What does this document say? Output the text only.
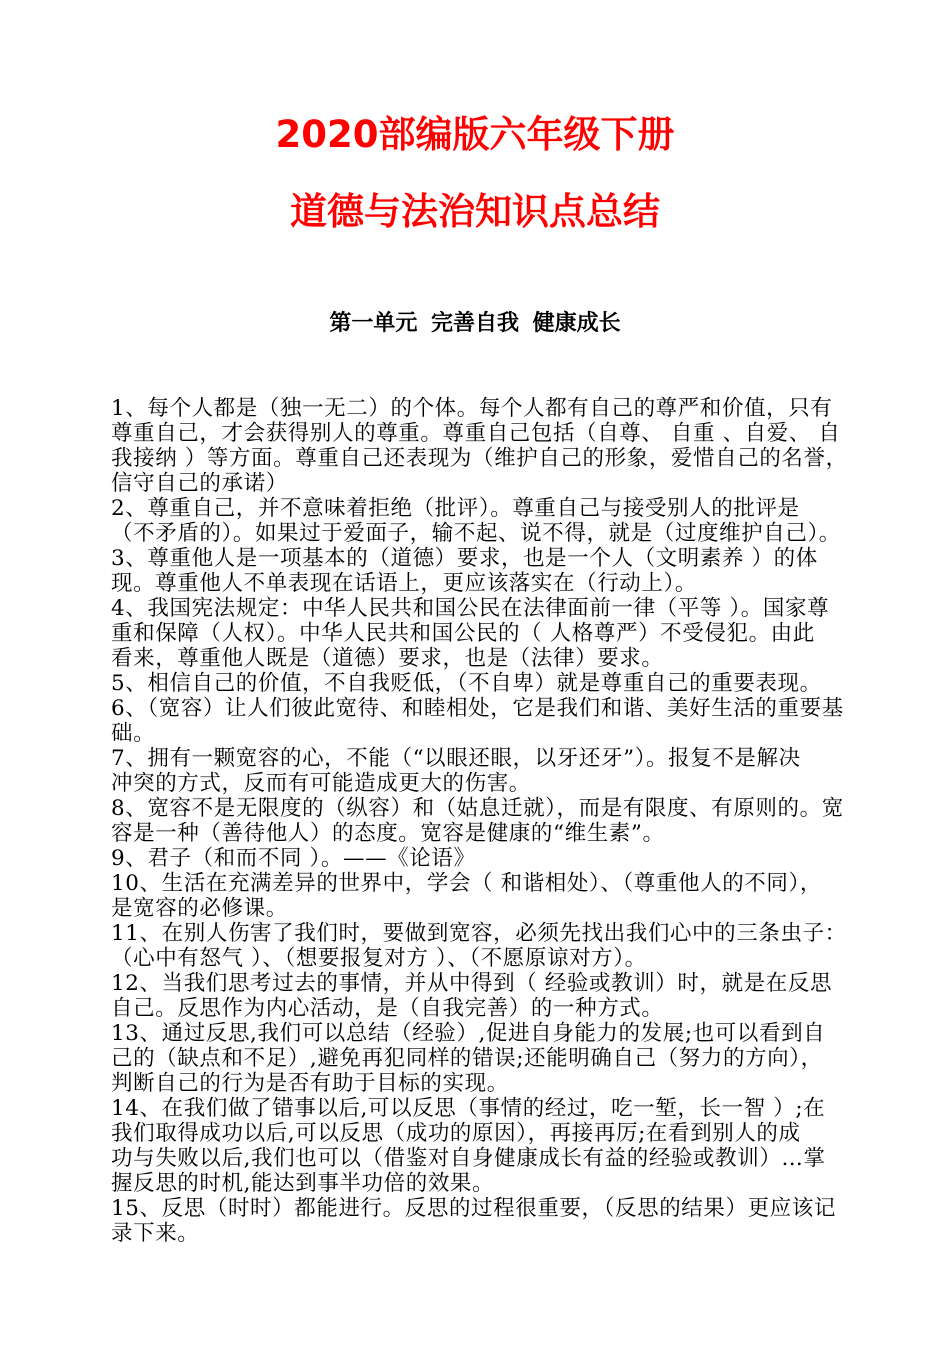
2020部编版六年级下册
道德与法治知识点总结
第一单元 完善自我 健康成长
1、每个人都是（独一无二）的个体。每个人都有自己的尊严和价值，只有
尊重自己，才会获得别人的尊重。尊重自己包括（自尊、 自重 、自爱、 自
我接纳 ）等方面。尊重自己还表现为（维护自己的形象，爱惜自己的名誉，
信守自己的承诺）
2、尊重自己，并不意味着拒绝（批评）。尊重自己与接受别人的批评是
（不矛盾的）。如果过于爱面子，输不起、说不得，就是（过度维护自己）。
3、尊重他人是一项基本的（道德）要求，也是一个人（文明素养 ）的体
现。尊重他人不单表现在话语上，更应该落实在（行动上）。
4、我国宪法规定：中华人民共和国公民在法律面前一律（平等 ）。国家尊
重和保障（人权）。中华人民共和国公民的（ 人格尊严）不受侵犯。由此
看来，尊重他人既是（道德）要求，也是（法律）要求。
5、相信自己的价值，不自我贬低，（不自卑）就是尊重自己的重要表现。
6、（宽容）让人们彼此宽待、和睦相处，它是我们和谐、美好生活的重要基
础。
7、拥有一颗宽容的心，不能（“以眼还眼，以牙还牙”）。报复不是解决
冲突的方式，反而有可能造成更大的伤害。
8、宽容不是无限度的（纵容）和（姑息迁就），而是有限度、有原则的。宽
容是一种（善待他人）的态度。宽容是健康的“维生素”。
9、君子（和而不同 ）。——《论语》
10、生活在充满差异的世界中，学会（ 和谐相处）、（尊重他人的不同），
是宽容的必修课。
11、在别人伤害了我们时，要做到宽容，必须先找出我们心中的三条虫子：
（心中有怒气 ）、（想要报复对方 ）、（不愿原谅对方）。
12、当我们思考过去的事情，并从中得到（ 经验或教训）时，就是在反思
自己。反思作为内心活动，是（自我完善）的一种方式。
13、通过反思,我们可以总结（经验）,促进自身能力的发展;也可以看到自
己的（缺点和不足）,避免再犯同样的错误;还能明确自己（努力的方向），
判断自己的行为是否有助于目标的实现。
14、在我们做了错事以后,可以反思（事情的经过，吃一堑，长一智 ）;在
我们取得成功以后,可以反思（成功的原因），再接再厉;在看到别人的成
功与失败以后,我们也可以（借鉴对自身健康成长有益的经验或教训）…掌
握反思的时机,能达到事半功倍的效果。
15、反思（时时）都能进行。反思的过程很重要，（反思的结果）更应该记
录下来。
